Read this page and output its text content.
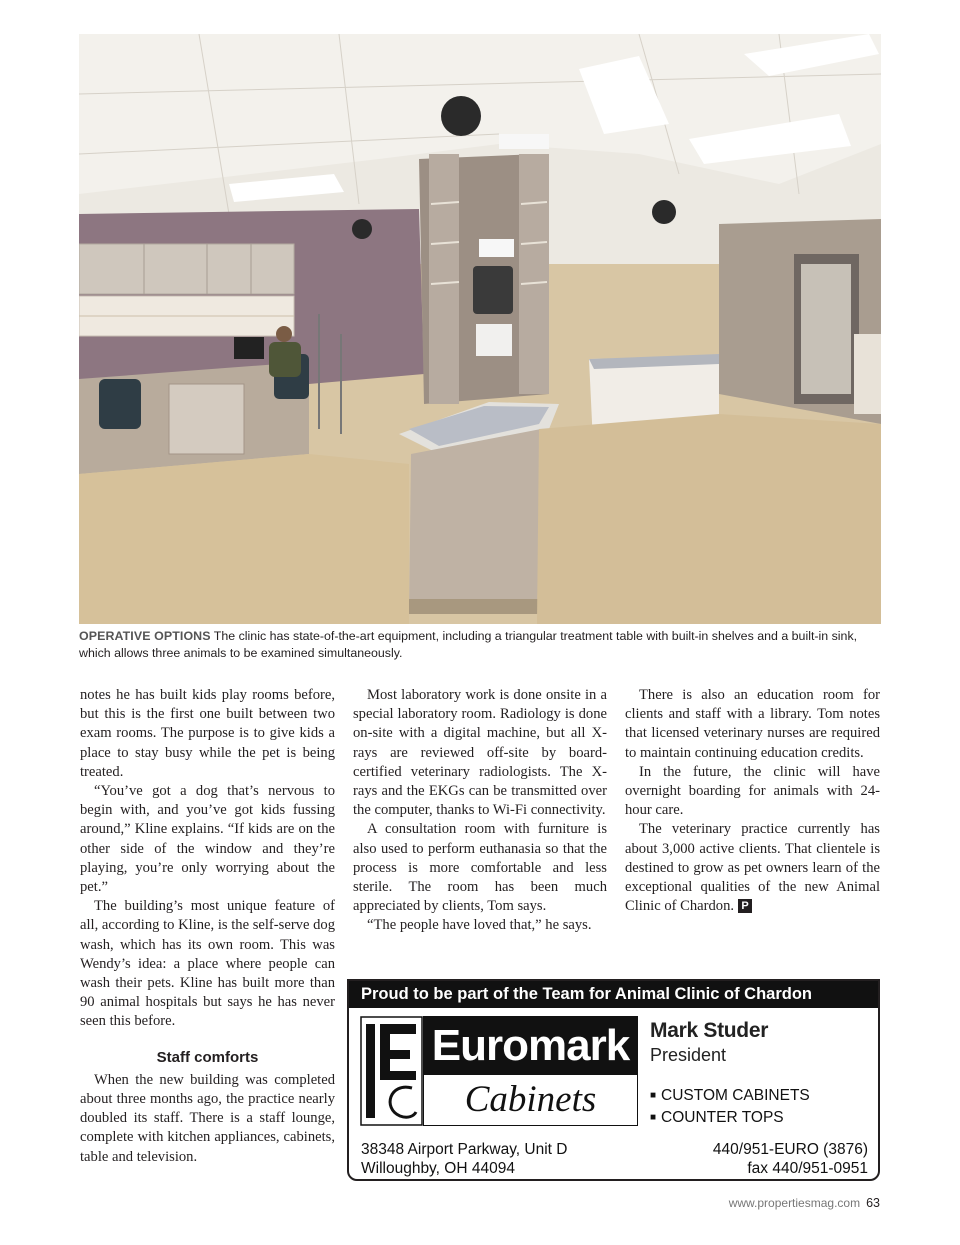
OPERATIVE OPTIONS The clinic has state-of-the-art equipment, including a triangular treatment table with built-in shelves and a built-in sink, which allows three animals to be examined simultaneously.

notes he has built kids play rooms before, but this is the first one built between two exam rooms. The purpose is to give kids a place to stay busy while the pet is being treated.

“You’ve got a dog that’s nervous to begin with, and you’ve got kids fussing around,” Kline explains. “If kids are on the other side of the window and they’re playing, you’re only worrying about the pet.”

The building’s most unique feature of all, according to Kline, is the self-serve dog wash, which has its own room. This was Wendy’s idea: a place where people can wash their pets. Kline has built more than 90 animal hospitals but says he has never seen this before.

Staff comforts

When the new building was completed about three months ago, the practice nearly doubled its staff. There is a staff lounge, complete with kitchen appliances, cabinets, table and television.

Most laboratory work is done onsite in a special laboratory room. Radiology is done on-site with a digital machine, but all X-rays are reviewed off-site by board-certified veterinary radiologists. The X-rays and the EKGs can be transmitted over the computer, thanks to Wi-Fi connectivity.

A consultation room with furniture is also used to perform euthanasia so that the process is more comfortable and less sterile. The room has been much appreciated by clients, Tom says.

“The people have loved that,” he says.

There is also an education room for clients and staff with a library. Tom notes that licensed veterinary nurses are required to maintain continuing education credits.

In the future, the clinic will have overnight boarding for animals with 24-hour care.

The veterinary practice currently has about 3,000 active clients. That clientele is destined to grow as pet owners learn of the exceptional qualities of the new Animal Clinic of Chardon. P

Proud to be part of the Team for Animal Clinic of Chardon
Euromark
Cabinets
Mark Studer
President
■ CUSTOM CABINETS
■ COUNTER TOPS
38348 Airport Parkway, Unit D
Willoughby, OH 44094
440/951-EURO (3876)
fax 440/951-0951
www.propertiesmag.com 63
